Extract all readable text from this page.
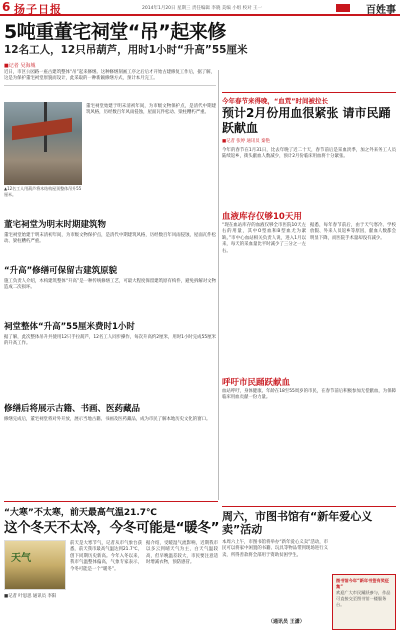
6 扬子日报	2014年1月20日 星期三 责任编辑 李晓 美编 小组 校对 王一	百姓事
5吨重董宅祠堂“吊”起来修
12名工人，12只吊葫芦，用时1小时“升高”55厘米
■记者 吴海城
近日，市区公园路一座古建筑整体“吊”起来修缮。这种修缮刻画工序之后后才开始古建修复工作后，据了解，这是为保护董宅祠堂原貌而设计，此采取的一种新颖修缮方式，预计本月完工。
▲12名工人用葫芦将木结构屋顶整体吊升55厘米。
董宅祠堂始建于明末清初年间，为市级文物保护点，是清代中期建筑风格，历经数百年风雨侵蚀，屋面瓦件松动、梁柱糟朽严重。
董宅祠堂为明末时期建筑物
董宅祠堂始建于明末清初年间，为市级文物保护点，是清代中期建筑风格，历经数百年风雨侵蚀，屋面瓦件松动、梁柱糟朽严重。
“升高”修缮可保留古建筑原貌
施工负责人介绍，木构建筑整体“升高”是一种传统修缮工艺，可最大程度保留建筑原有构件，避免拆解对文物造成二次损坏。
祠堂整体“升高”55厘米费时1小时
据了解，此次整体吊升共使用12只手拉葫芦，12名工人同步操作，每次升高约2厘米，用时1小时完成55厘米的升高工作。
修缮后将展示古籍、书画、医药藏品
修缮完成后，董宅祠堂将对外开放，展示当地古籍、书画及医药藏品，成为市民了解本地历史文化的窗口。
今年春节来得晚，“血荒”时间被拉长
预计2月份用血很紧张 请市民踊跃献血
■记者 张婷 通讯员 秦艳
今年的春节在1月31日，比去年晚了近二十天，春节前后是采血淡季，加之外来务工人员陆续返乡，街头献血人数减少，预计2月份临床用血将十分紧张。
血液库存仅够10天用
“现在血站库存的血液仅够全市医院10天左右的用量，其中O型血和B型血尤为紧缺。”市中心血站相关负责人说，进入1月以来，每天的采血量比平时减少了三分之一左右。
据悉，每年春节前后，由于天气寒冷、学校放假、外来人员返乡等原因，献血人数都会明显下降，而医院手术量却没有减少。
呼吁市民踊跃献血
血站呼吁，身体健康、年龄在18至55周岁的市民，在春节前后积极参加无偿献血，为保障临床用血贡献一份力量。
“大寒”不太寒，前天最高气温21.7℃
这个冬天不太冷，今冬可能是“暖冬”
天气
■记者 叶思思 通讯员 李阳
前天是大寒节气，记者从市气象台获悉，前天我市最高气温达到21.7℃，创下同期历史新高。今年入冬以来，我市气温整体偏高，气象专家表示，今冬可能是一个“暖冬”。
据介绍，受暖湿气流影响，近期我市以多云到晴天气为主，白天气温较高，但早晚温差较大，市民要注意适时增减衣物，预防感冒。
周六，市图书馆有“新年爱心义卖”活动
本周六上午，市图书馆将举办“新年爱心义卖”活动，市民可以将家中闲置的书籍、玩具等物品带到现场进行义卖，所得善款将全部用于资助贫困学生。
图书馆今年“新年书签有奖征集”
欢迎广大市民踊跃参与，作品可直接交至图书馆一楼服务台。
（通讯员 王潇）
